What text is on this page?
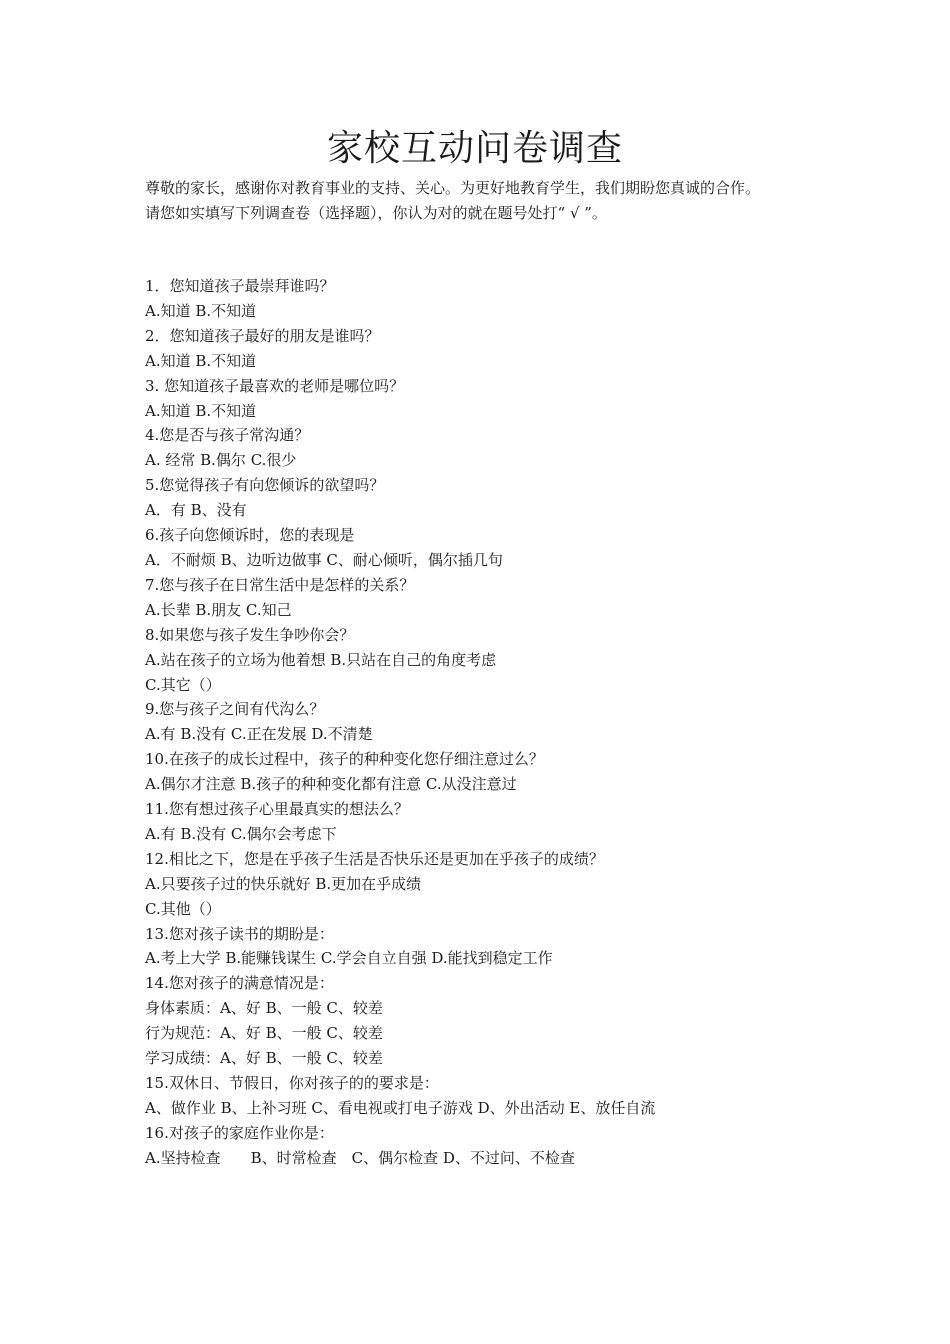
家校互动问卷调查

尊敬的家长，感谢你对教育事业的支持、关心。为更好地教育学生，我们期盼您真诚的合作。

请您如实填写下列调查卷（选择题），你认为对的就在题号处打“ √ ”。

1．您知道孩子最崇拜谁吗？

A.知道 B.不知道

2．您知道孩子最好的朋友是谁吗？

A.知道 B.不知道

3. 您知道孩子最喜欢的老师是哪位吗？

A.知道 B.不知道

4.您是否与孩子常沟通？

A. 经常 B.偶尔 C.很少

5.您觉得孩子有向您倾诉的欲望吗？

A．有 B、没有

6.孩子向您倾诉时，您的表现是

A．不耐烦 B、边听边做事 C、耐心倾听，偶尔插几句

7.您与孩子在日常生活中是怎样的关系？

A.长辈 B.朋友 C.知己

8.如果您与孩子发生争吵你会？

A.站在孩子的立场为他着想 B.只站在自己的角度考虑

C.其它（）

9.您与孩子之间有代沟么？

A.有 B.没有 C.正在发展 D.不清楚

10.在孩子的成长过程中，孩子的种种变化您仔细注意过么？

A.偶尔才注意 B.孩子的种种变化都有注意 C.从没注意过

11.您有想过孩子心里最真实的想法么？

A.有 B.没有 C.偶尔会考虑下

12.相比之下，您是在乎孩子生活是否快乐还是更加在乎孩子的成绩？

A.只要孩子过的快乐就好 B.更加在乎成绩

C.其他（）

13.您对孩子读书的期盼是：

A.考上大学 B.能赚钱谋生 C.学会自立自强 D.能找到稳定工作

14.您对孩子的满意情况是：

身体素质：A、好 B、一般 C、较差

行为规范：A、好 B、一般 C、较差

学习成绩：A、好 B、一般 C、较差

15.双休日、节假日，你对孩子的的要求是：

A、做作业 B、上补习班 C、看电视或打电子游戏 D、外出活动 E、放任自流

16.对孩子的家庭作业你是：

A.坚持检查　　B、时常检查　C、偶尔检查 D、不过问、不检查
